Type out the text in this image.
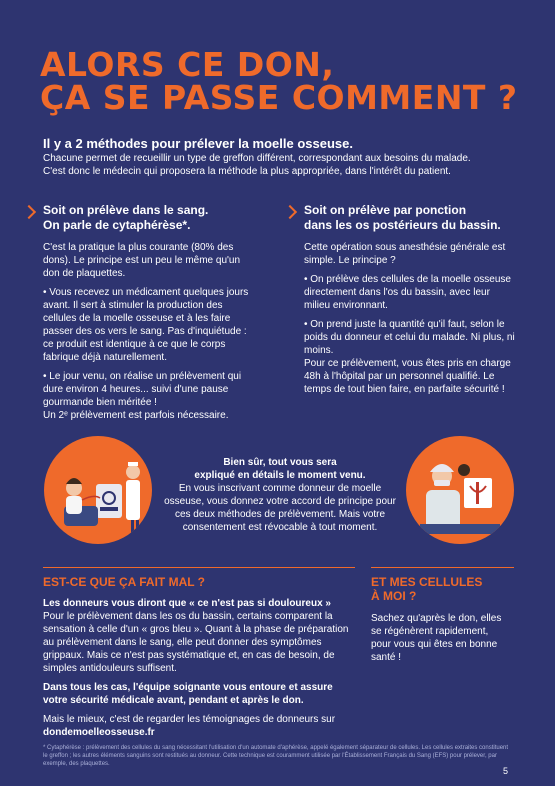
ALORS CE DON,
ÇA SE PASSE COMMENT ?
Il y a 2 méthodes pour prélever la moelle osseuse.
Chacune permet de recueillir un type de greffon différent, correspondant aux besoins du malade.
C'est donc le médecin qui proposera la méthode la plus appropriée, dans l'intérêt du patient.
Soit on prélève dans le sang.
On parle de cytaphérèse*.

C'est la pratique la plus courante (80% des dons). Le principe est un peu le même qu'un don de plaquettes.

• Vous recevez un médicament quelques jours avant. Il sert à stimuler la production des cellules de la moelle osseuse et à les faire passer des os vers le sang. Pas d'inquiétude : ce produit est identique à ce que le corps fabrique déjà naturellement.

• Le jour venu, on réalise un prélèvement qui dure environ 4 heures... suivi d'une pause gourmande bien méritée !

Un 2ᵉ prélèvement est parfois nécessaire.

Soit on prélève par ponction
dans les os postérieurs du bassin.

Cette opération sous anesthésie générale est simple. Le principe ?

• On prélève des cellules de la moelle osseuse directement dans l'os du bassin, avec leur milieu environnant.

• On prend juste la quantité qu'il faut, selon le poids du donneur et celui du malade. Ni plus, ni moins.

Pour ce prélèvement, vous êtes pris en charge 48h à l'hôpital par un personnel qualifié. Le temps de tout bien faire, en parfaite sécurité !

Bien sûr, tout vous sera
expliqué en détails le moment venu.
En vous inscrivant comme donneur de moelle osseuse, vous donnez votre accord de principe pour ces deux méthodes de prélèvement. Mais votre consentement est révocable à tout moment.
EST-CE QUE ÇA FAIT MAL ?

Les donneurs vous diront que « ce n'est pas si douloureux »

Pour le prélèvement dans les os du bassin, certains comparent la sensation à celle d'un « gros bleu ». Quant à la phase de préparation au prélèvement dans le sang, elle peut donner des symptômes grippaux. Mais ce n'est pas systématique et, en cas de besoin, de simples antidouleurs suffisent.

Dans tous les cas, l'équipe soignante vous entoure et assure votre sécurité médicale avant, pendant et après le don.

Mais le mieux, c'est de regarder les témoignages de donneurs sur
dondemoelleosseuse.fr

ET MES CELLULES
À MOI ?
Sachez qu'après le don, elles se régénèrent rapidement, pour vous qui êtes en bonne santé !
* Cytaphérèse : prélèvement des cellules du sang nécessitant l'utilisation d'un automate d'aphérèse, appelé également séparateur de cellules. Les cellules extraites constituent le greffon ; les autres éléments sanguins sont restitués au donneur. Cette technique est couramment utilisée par l'Établissement Français du Sang (EFS) pour prélever, par exemple, des plaquettes.
5
